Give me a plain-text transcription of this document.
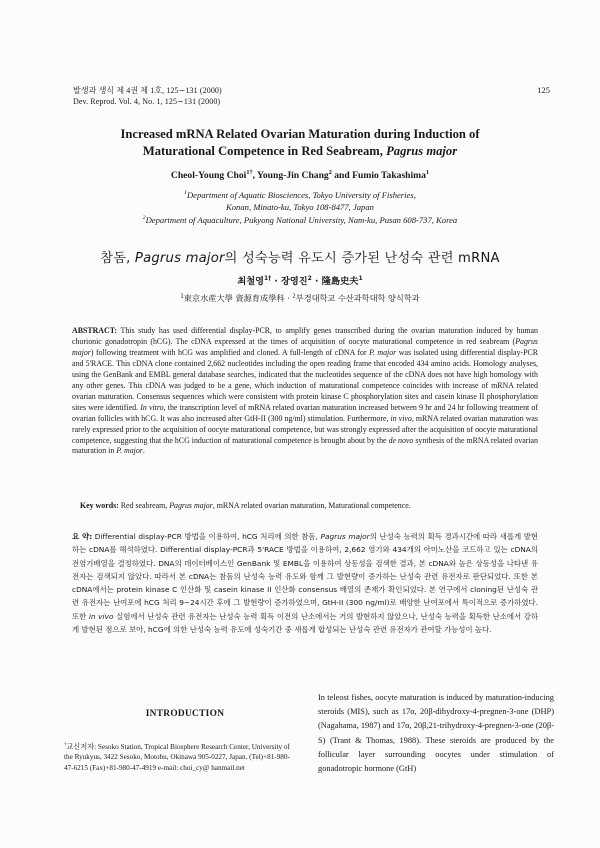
발생과 생식 제 4권 제 1호, 125∼131 (2000)
Dev. Reprod. Vol. 4, No. 1, 125∼131 (2000)
125
Increased mRNA Related Ovarian Maturation during Induction of
Maturational Competence in Red Seabream, Pagrus major
Cheol-Young Choi$^{1\dagger}$, Young-Jin Chang$^2$ and Fumio Takashima$^1$
$^1$Department of Aquatic Biosciences, Tokyo University of Fisheries,
Konan, Minato-ku, Tokyo 108-8477, Japan
$^2$Department of Aquaculture, Pukyong National University, Nam-ku, Pusan 608-737, Korea
참돔, Pagrus major의 성숙능력 유도시 증가된 난성숙 관련 mRNA
최철영$^{1\dagger}$ · 장영진$^2$ · 隆島史夫$^1$
$^1$東京水産大學 資源育成學科 · $^2$부경대학교 수산과학대학 양식학과
ABSTRACT: This study has used differential display-PCR, to amplify genes transcribed during the ovarian maturation induced by human chorionic gonadotropin (hCG). The cDNA expressed at the times of acquisition of oocyte maturational competence in red seabream (Pagrus major) following treatment with hCG was amplified and cloned. A full-length of cDNA for P. major was isolated using differential display-PCR and 5'RACE. This cDNA clone contained 2,662 nucleotides including the open reading frame that encoded 434 amino acids. Homology analyses, using the GenBank and EMBL general database searches, indicated that the nucleotides sequence of the cDNA does not have high homology with any other genes. This cDNA was judged to be a gene, which induction of maturational competence coincides with increase of mRNA related ovarian maturation. Consensus sequences which were consistent with protein kinase C phosphorylation sites and casein kinase II phosphorylation sites were identified. In vitro, the transcription level of mRNA related ovarian maturation increased between 9 hr and 24 hr following treatment of ovarian follicles with hCG. It was also increased after GtH-II (300 ng/ml) stimulation. Furthermore, in vivo, mRNA related ovarian maturation was rarely expressed prior to the acquisition of oocyte maturational competence, but was strongly expressed after the acquisition of oocyte maturational competence, suggesting that the hCG induction of maturational competence is brought about by the de novo synthesis of the mRNA related ovarian maturation in P. major.
Key words: Red seabream, Pagrus major, mRNA related ovarian maturation, Maturational competence.
요 약: Differential display-PCR 방법을 이용하여, hCG 처리에 의한 참돔, Pagrus major의 난성숙 능력의 획득 경과시간에 따라 새롭게 발현하는 cDNA를 해석하였다. Differential display-PCR과 5'RACE 방법을 이용하여, 2,662 염기와 434개의 아미노산을 코드하고 있는 cDNA의 전염기배열을 결정하였다. DNA의 데이터베이스인 GenBank 및 EMBL을 이용하여 상동성을 검색한 결과, 본 cDNA와 높은 상동성을 나타낸 유전자는 검색되지 않았다. 따라서 본 cDNA는 참돔의 난성숙 능력 유도와 함께 그 발현량이 증가하는 난성숙 관련 유전자로 판단되었다. 또한 본 cDNA에서는 protein kinase C 인산화 및 casein kinase II 인산화 consensus 배열의 존재가 확인되었다. 본 연구에서 cloning된 난성숙 관련 유전자는 난여포에 hCG 처리 9∼24시간 후에 그 발현량이 증가하였으며, GtH-II (300 ng/ml)로 배양한 난여포에서 특이적으로 증가하였다. 또한 in vivo 실험에서 난성숙 관련 유전자는 난성숙 능력 획득 이전의 난소에서는 거의 발현하지 않았으나, 난성숙 능력을 획득한 난소에서 강하게 발현된 점으로 보아, hCG에 의한 난성숙 능력 유도에 성숙기간 중 새롭게 합성되는 난성숙 관련 유전자가 관여할 가능성이 높다.
INTRODUCTION
†교신저자: Sesoko Station, Tropical Biosphere Research Center, University of the Ryukyus, 3422 Sesoko, Motobu, Okinawa 905-0227, Japan. (Tel)+81-980-47-6215 (Fax)+81-980-47-4919 e-mail: choi_cy@ hanmail.net
In teleost fishes, oocyte maturation is induced by maturation-inducing steroids (MIS), such as 17α, 20β-dihydroxy-4-pregnen-3-one (DHP) (Nagahama, 1987) and 17α, 20β,21-trihydroxy-4-pregnen-3-one (20β-S) (Trant & Thomas, 1988). These steroids are produced by the follicular layer surrounding oocytes under stimulation of gonadotropic hormone (GtH)
